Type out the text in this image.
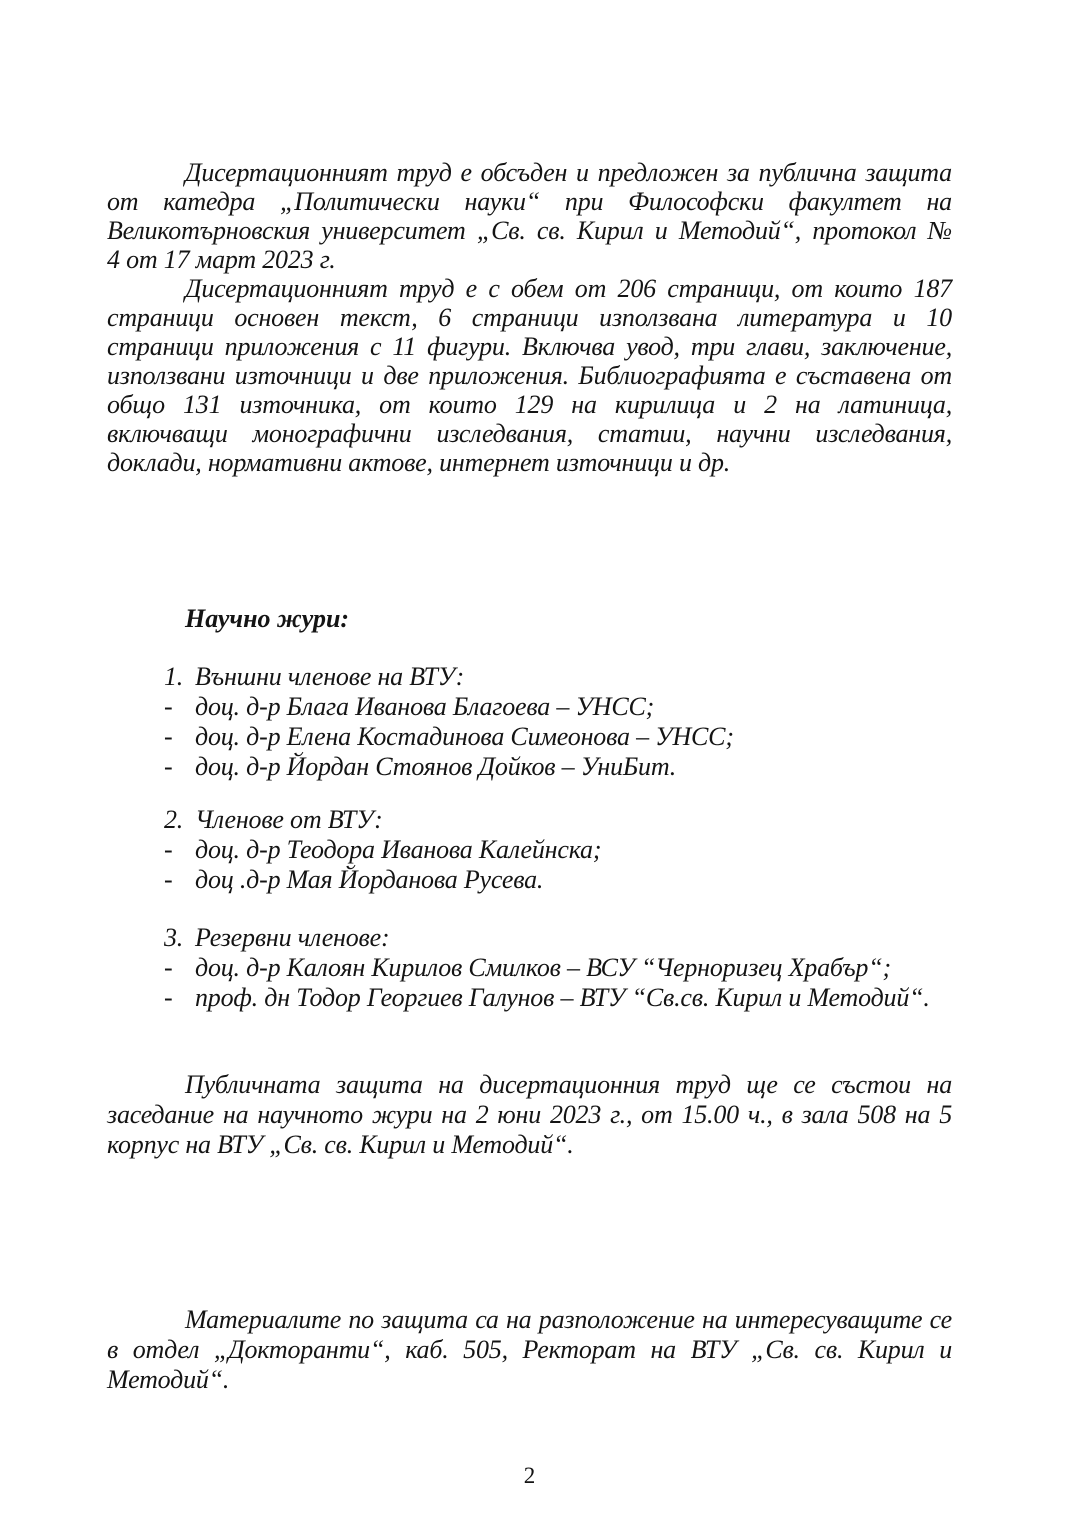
Дисертационният труд е обсъден и предложен за публична защита
от катедра „Политически науки“ при Философски факултет на
Великотърновския университет „Св. св. Кирил и Методий“, протокол №
4 от 17 март 2023 г.

Дисертационният труд е с обем от 206 страници, от които 187
страници основен текст, 6 страници използвана литература и 10
страници приложения с 11 фигури. Включва увод, три глави, заключение,
използвани източници и две приложения. Библиографията е съставена от
общо 131 източника, от които 129 на кирилица и 2 на латиница,
включващи монографични изследвания, статии, научни изследвания,
доклади, нормативни актове, интернет източници и др.

Научно жури:
1. Външни членове на ВТУ:
- доц. д-р Блага Иванова Благоева – УНСС;
- доц. д-р Елена Костадинова Симеонова – УНСС;
- доц. д-р Йордан Стоянов Дойков – УниБит.
2. Членове от ВТУ:
- доц. д-р Теодора Иванова Калейнска;
- доц .д-р Мая Йорданова Русева.
3. Резервни членове:
- доц. д-р Калоян Кирилов Смилков – ВСУ “Черноризец Храбър“;
- проф. дн Тодор Георгиев Галунов – ВТУ “Св.св. Кирил и Методий“.

Публичната защита на дисертационния труд ще се състои на
заседание на научното жури на 2 юни 2023 г., от 15.00 ч., в зала 508 на 5
корпус на ВТУ „Св. св. Кирил и Методий“.

Материалите по защита са на разположение на интересуващите се
в отдел „Докторанти“, каб. 505, Ректорат на ВТУ „Св. св. Кирил и
Методий“.

2
